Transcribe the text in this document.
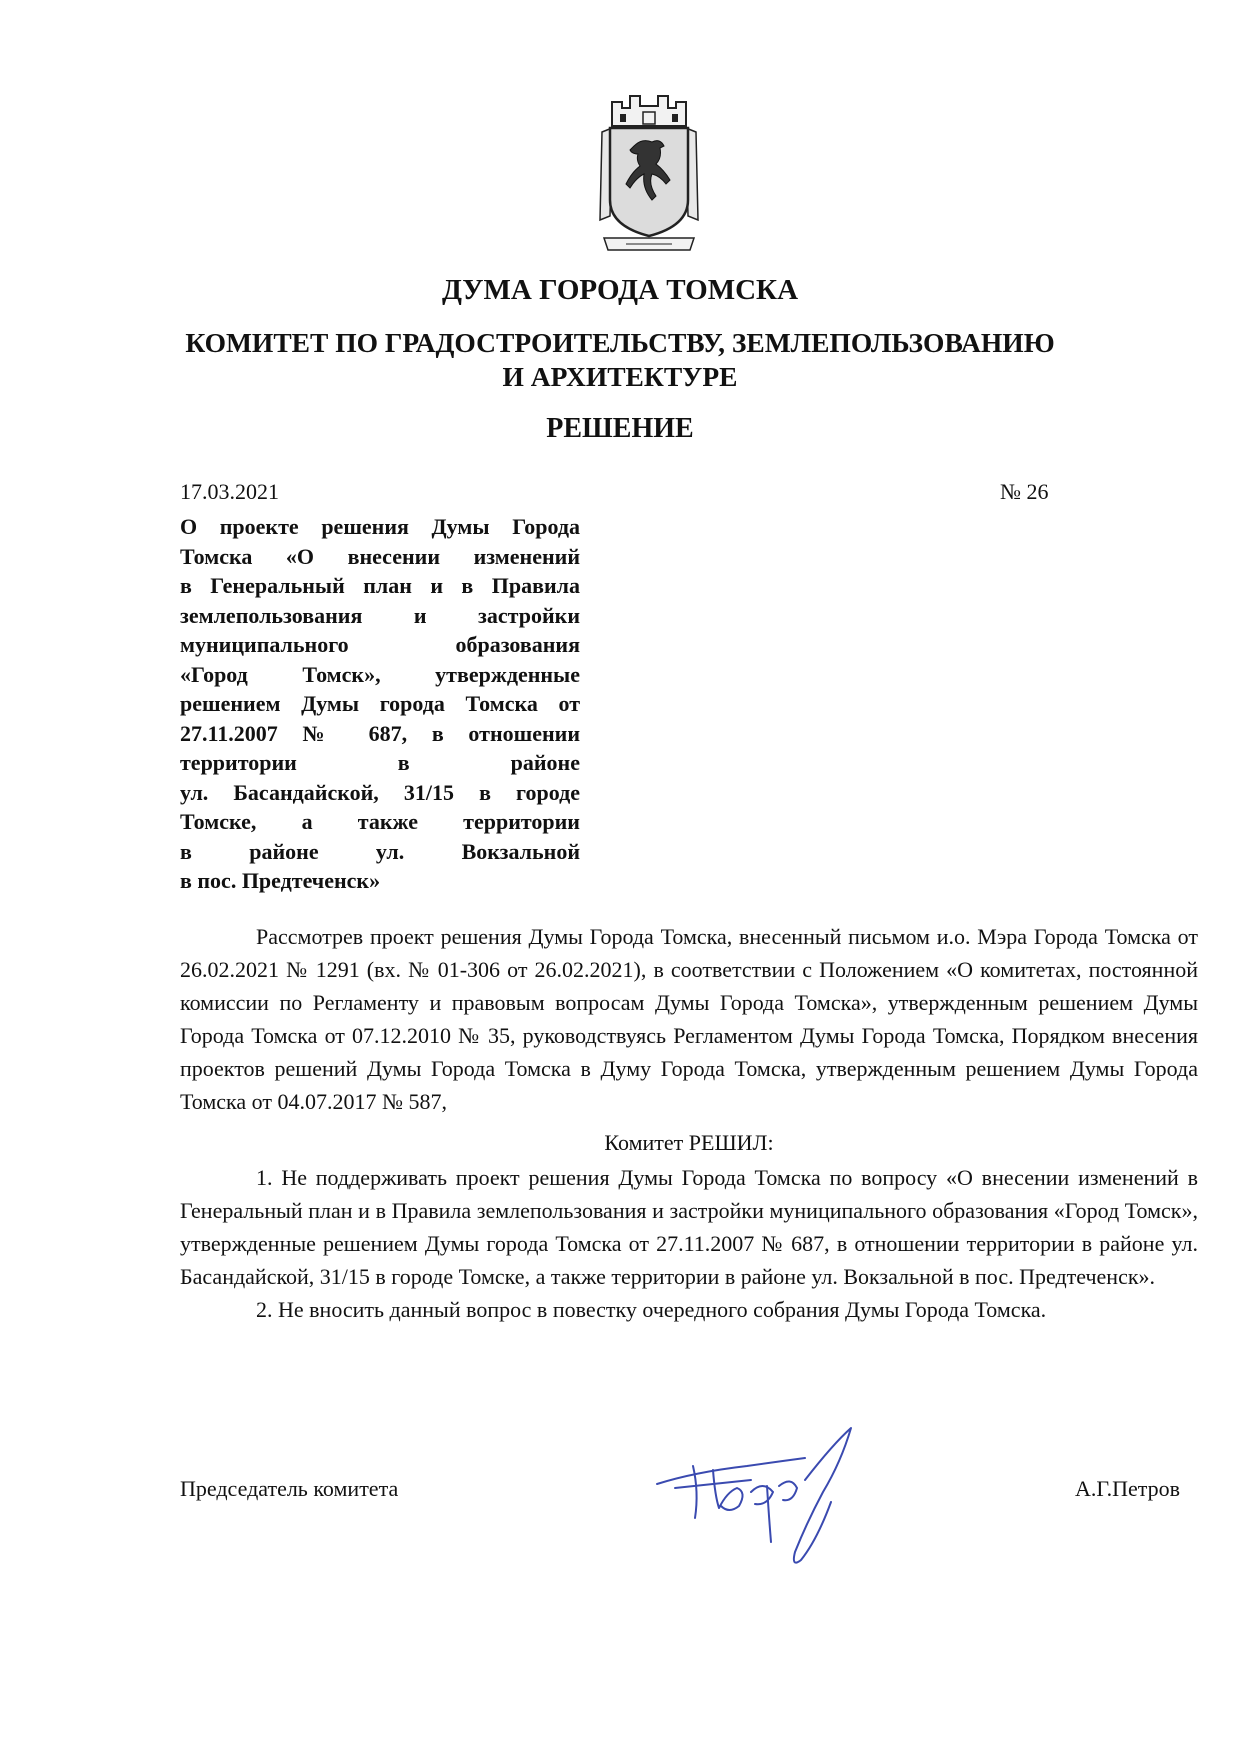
ДУМА ГОРОДА ТОМСКА
КОМИТЕТ ПО ГРАДОСТРОИТЕЛЬСТВУ, ЗЕМЛЕПОЛЬЗОВАНИЮ
И АРХИТЕКТУРЕ
РЕШЕНИЕ
17.03.2021	№ 26
О проекте решения Думы Города
Томска «О внесении изменений
в Генеральный план и в Правила
землепользования и застройки
муниципального образования
«Город Томск», утвержденные
решением Думы города Томска от
27.11.2007 № 687, в отношении
территории в районе
ул. Басандайской, 31/15 в городе
Томске, а также территории
в районе ул. Вокзальной
в пос. Предтеченск»

Рассмотрев проект решения Думы Города Томска, внесенный письмом и.о. Мэра Города Томска от 26.02.2021 № 1291 (вх. № 01-306 от 26.02.2021), в соответствии с Положением «О комитетах, постоянной комиссии по Регламенту и правовым вопросам Думы Города Томска», утвержденным решением Думы Города Томска от 07.12.2010 № 35, руководствуясь Регламентом Думы Города Томска, Порядком внесения проектов решений Думы Города Томска в Думу Города Томска, утвержденным решением Думы Города Томска от 04.07.2017 № 587,

Комитет РЕШИЛ:

1. Не поддерживать проект решения Думы Города Томска по вопросу «О внесении изменений в Генеральный план и в Правила землепользования и застройки муниципального образования «Город Томск», утвержденные решением Думы города Томска от 27.11.2007 № 687, в отношении территории в районе ул. Басандайской, 31/15 в городе Томске, а также территории в районе ул. Вокзальной в пос. Предтеченск».

2. Не вносить данный вопрос в повестку очередного собрания Думы Города Томска.

Председатель комитета	А.Г.Петров
